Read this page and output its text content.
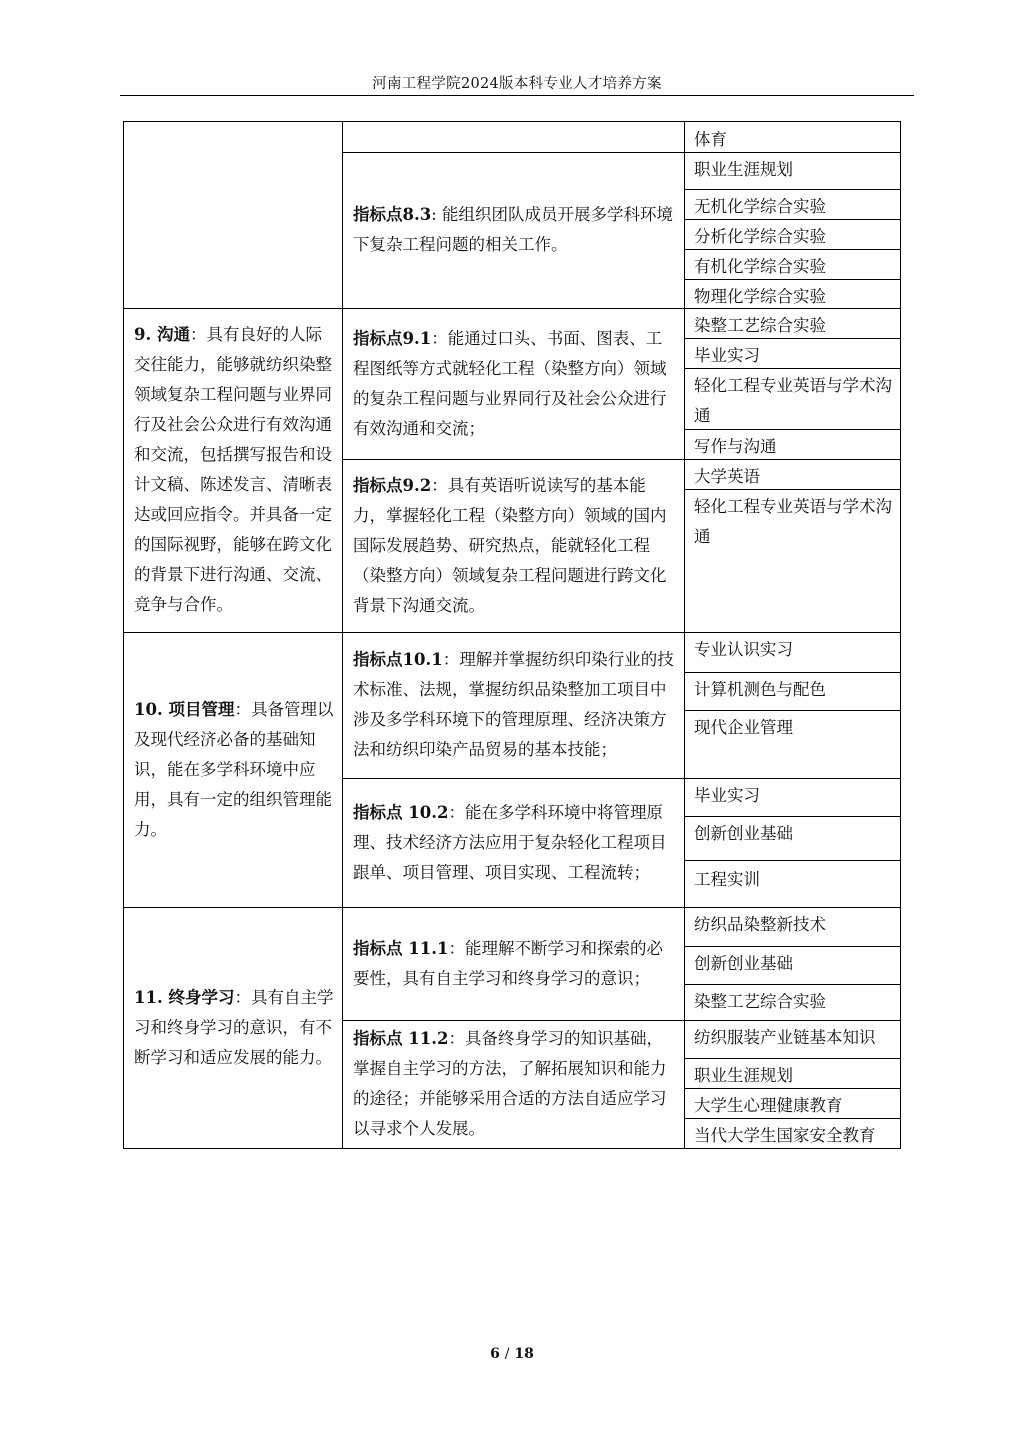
河南工程学院2024版本科专业人才培养方案
9. 沟通：具有良好的人际交往能力，能够就纺织染整领域复杂工程问题与业界同行及社会公众进行有效沟通和交流，包括撰写报告和设计文稿、陈述发言、清晰表达或回应指令。并具备一定的国际视野，能够在跨文化的背景下进行沟通、交流、竞争与合作。
10. 项目管理：具备管理以及现代经济必备的基础知识，能在多学科环境中应用，具有一定的组织管理能力。
11. 终身学习：具有自主学习和终身学习的意识，有不断学习和适应发展的能力。
指标点8.3: 能组织团队成员开展多学科环境下复杂工程问题的相关工作。
指标点9.1：能通过口头、书面、图表、工程图纸等方式就轻化工程（染整方向）领域的复杂工程问题与业界同行及社会公众进行有效沟通和交流；
指标点9.2：具有英语听说读写的基本能力，掌握轻化工程（染整方向）领域的国内国际发展趋势、研究热点，能就轻化工程（染整方向）领域复杂工程问题进行跨文化背景下沟通交流。
指标点10.1：理解并掌握纺织印染行业的技术标准、法规，掌握纺织品染整加工项目中涉及多学科环境下的管理原理、经济决策方法和纺织印染产品贸易的基本技能；
指标点 10.2：能在多学科环境中将管理原理、技术经济方法应用于复杂轻化工程项目跟单、项目管理、项目实现、工程流转；
指标点 11.1：能理解不断学习和探索的必要性，具有自主学习和终身学习的意识；
指标点 11.2：具备终身学习的知识基础，掌握自主学习的方法，了解拓展知识和能力的途径；并能够采用合适的方法自适应学习以寻求个人发展。
体育
职业生涯规划
无机化学综合实验
分析化学综合实验
有机化学综合实验
物理化学综合实验
染整工艺综合实验
毕业实习
轻化工程专业英语与学术沟通
写作与沟通
大学英语
轻化工程专业英语与学术沟通
专业认识实习
计算机测色与配色
现代企业管理
毕业实习
创新创业基础
工程实训
纺织品染整新技术
创新创业基础
染整工艺综合实验
纺织服装产业链基本知识
职业生涯规划
大学生心理健康教育
当代大学生国家安全教育
6 / 18
